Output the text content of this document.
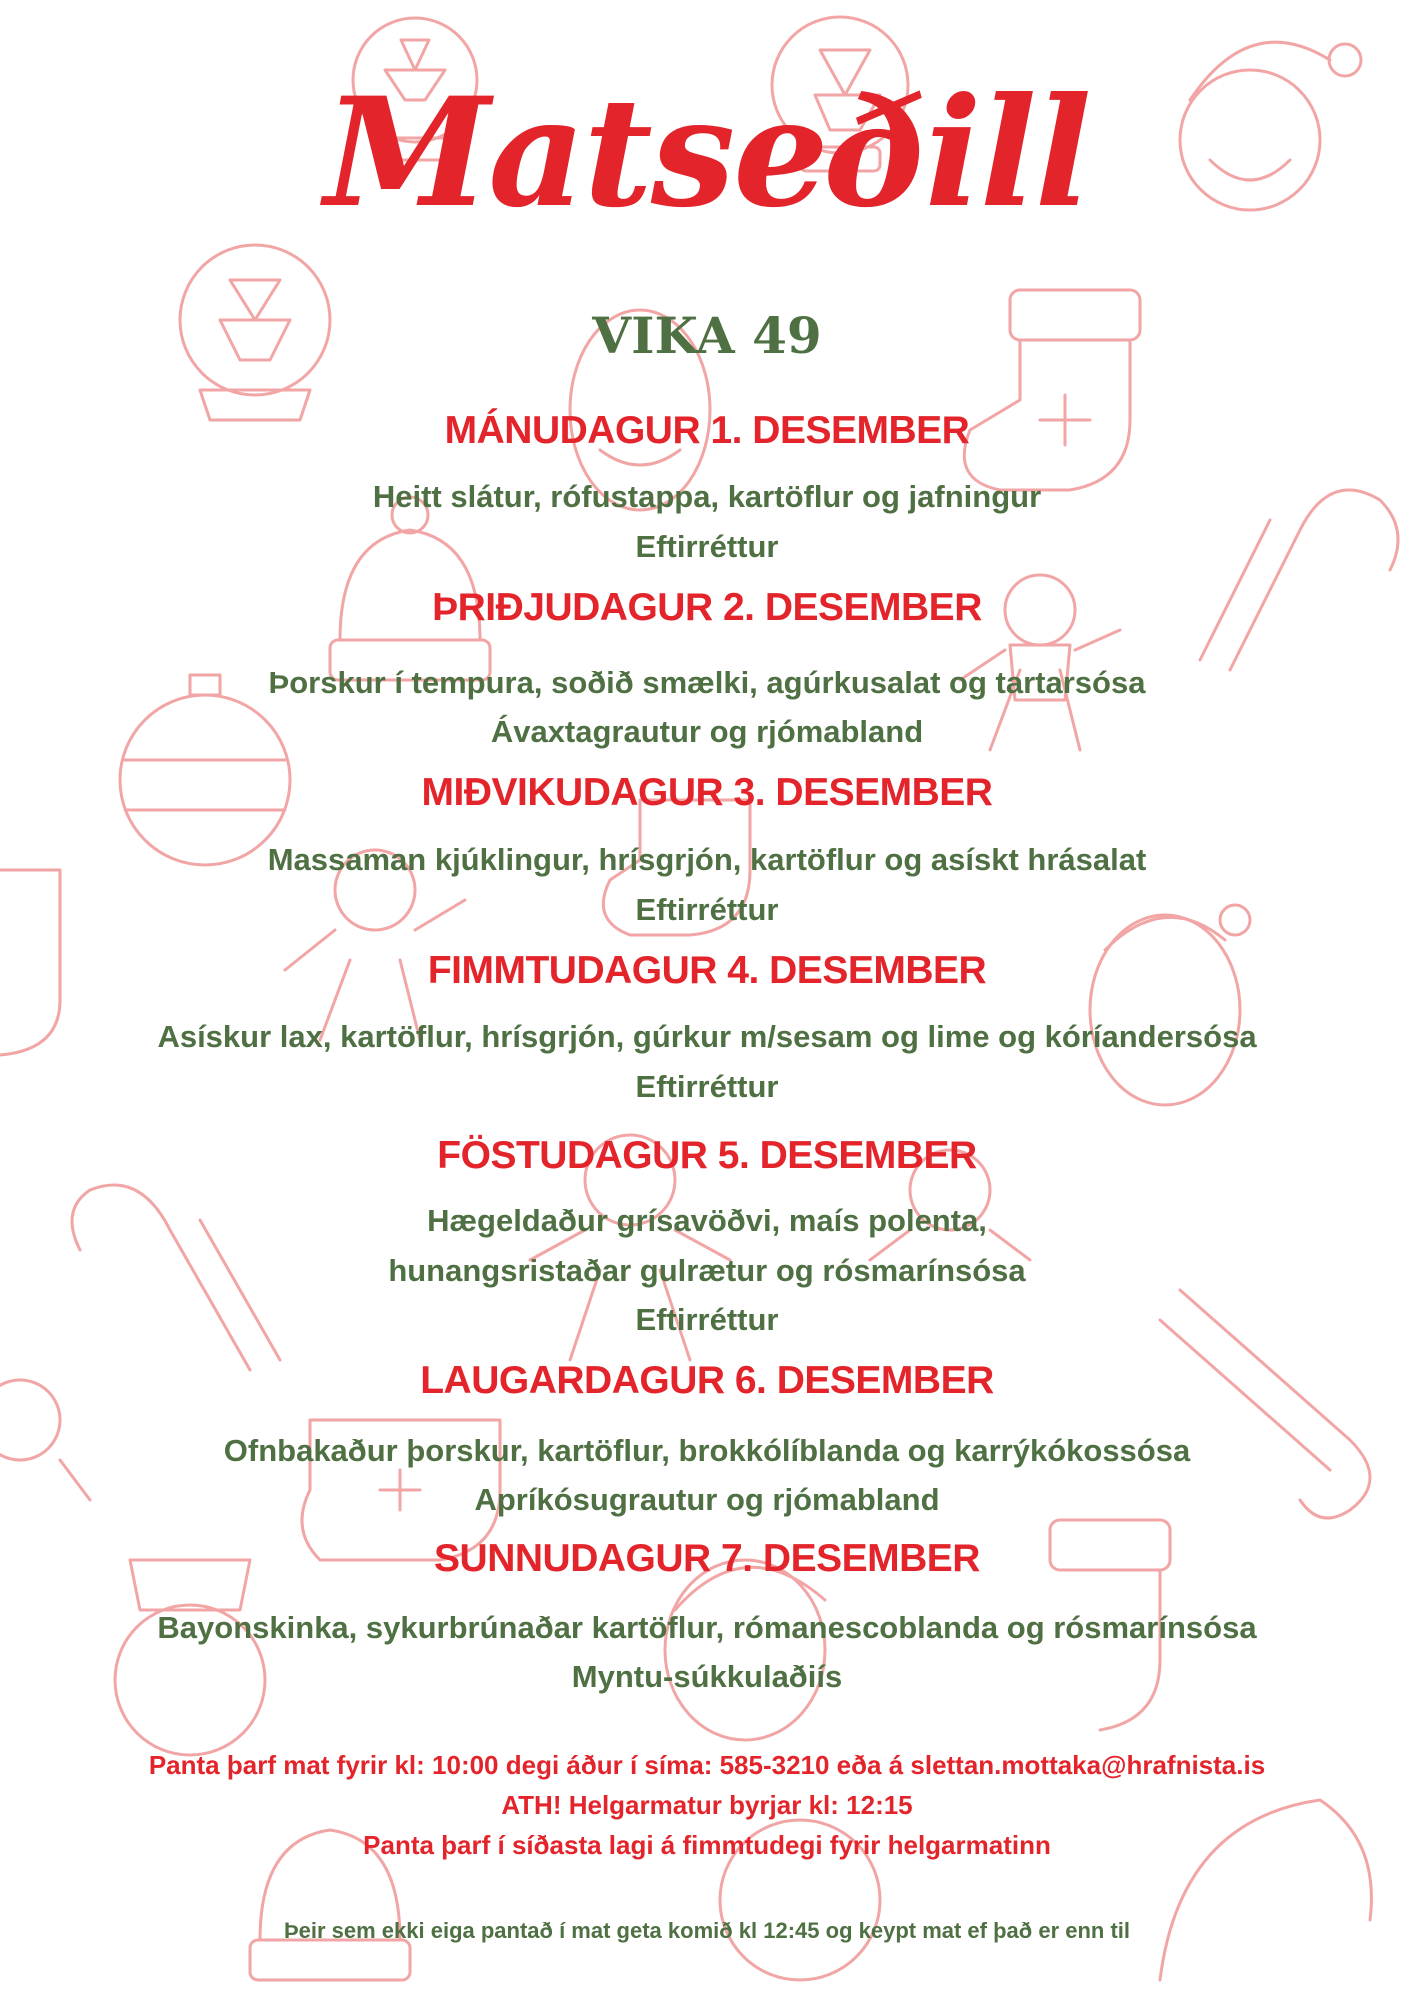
Matseðill
VIKA 49
MÁNUDAGUR 1. DESEMBER
Heitt slátur, rófustappa, kartöflur og jafningur
Eftirréttur
ÞRIÐJUDAGUR 2. DESEMBER
Þorskur í tempura, soðið smælki, agúrkusalat og tartarsósa
Ávaxtagrautur og rjómabland
MIÐVIKUDAGUR 3. DESEMBER
Massaman kjúklingur, hrísgrjón, kartöflur og asískt hrásalat
Eftirréttur
FIMMTUDAGUR 4. DESEMBER
Asískur lax, kartöflur, hrísgrjón, gúrkur m/sesam og lime og kóríandersósa
Eftirréttur
FÖSTUDAGUR 5. DESEMBER
Hægeldaður grísavöðvi, maís polenta,
hunangsristaðar gulrætur og rósmarínsósa
Eftirréttur
LAUGARDAGUR 6. DESEMBER
Ofnbakaður þorskur, kartöflur, brokkólíblanda og karrýkókossósa
Apríkósugrautur og rjómabland
SUNNUDAGUR 7. DESEMBER
Bayonskinka, sykurbrúnaðar kartöflur, rómanescoblanda og rósmarínsósa
Myntu-súkkulaðiís
Panta þarf mat fyrir kl: 10:00 degi áður í síma: 585-3210 eða á slettan.mottaka@hrafnista.is
ATH! Helgarmatur byrjar kl: 12:15
Panta þarf í síðasta lagi á fimmtudegi fyrir helgarmatinn
Þeir sem ekki eiga pantað í mat geta komið kl 12:45 og keypt mat ef það er enn til
